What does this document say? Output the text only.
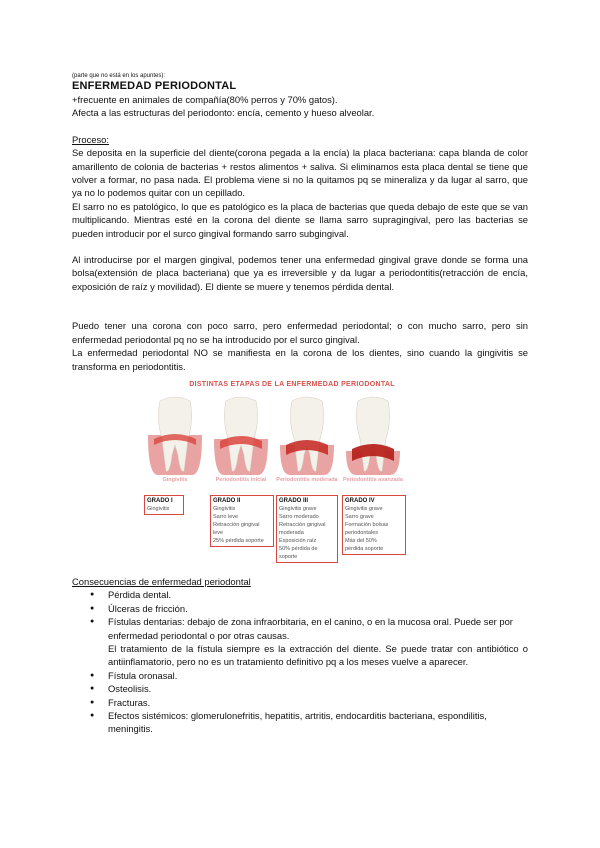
(parte que no está en los apuntes):

ENFERMEDAD PERIODONTAL

+frecuente en animales de compañía(80% perros y 70% gatos).

Afecta a las estructuras del periodonto: encía, cemento y hueso alveolar.

Proceso:

Se deposita en la superficie del diente(corona pegada a la encía) la placa bacteriana: capa blanda de color amarillento de colonia de bacterias + restos alimentos + saliva. Si eliminamos esta placa dental se tiene que volver a formar, no pasa nada. El problema viene si no la quitamos pq se mineraliza y da lugar al sarro, que ya no lo podemos quitar con un cepillado.

El sarro no es patológico, lo que es patológico es la placa de bacterias que queda debajo de este que se van multiplicando. Mientras esté en la corona del diente se llama sarro supragingival, pero las bacterias se pueden introducir por el surco gingival formando sarro subgingival.

Al introducirse por el margen gingival, podemos tener una enfermedad gingival grave donde se forma una bolsa(extensión de placa bacteriana) que ya es irreversible y da lugar a periodontitis(retracción de encía, exposición de raíz y movilidad). El diente se muere y tenemos pérdida dental.

Puedo tener una corona con poco sarro, pero enfermedad periodontal; o con mucho sarro, pero sin enfermedad periodontal pq no se ha introducido por el surco gingival.

La enfermedad periodontal NO se manifiesta en la corona de los dientes, sino cuando la gingivitis se transforma en periodontitis.

DISTINTAS ETAPAS DE LA ENFERMEDAD PERIODONTAL
Gingivitis	Periodontitis inicial	Periodontitis moderada Periodontitis avanzada
GRADO I
Gingivitis
GRADO II
Gingivitis
Sarro leve
Retracción gingival leve
25% pérdida soporte
GRADO III
Gingivitis grave
Sarro moderado
Retracción gingival moderada
Exposición raíz
50% pérdida de soporte
GRADO IV
Gingivitis grave
Sarro grave
Formación bolsas periodontales
Más del 50%
pérdida soporte

Consecuencias de enfermedad periodontal

● Pérdida dental.
● Úlceras de fricción.
● Fístulas dentarias: debajo de zona infraorbitaria, en el canino, o en la mucosa oral. Puede ser por enfermedad periodontal o por otras causas.

El tratamiento de la fístula siempre es la extracción del diente. Se puede tratar con antibiótico o antiinflamatorio, pero no es un tratamiento definitivo pq a los meses vuelve a aparecer.

● Fístula oronasal.
● Osteolisis.
● Fracturas.
● Efectos sistémicos: glomerulonefritis, hepatitis, artritis, endocarditis bacteriana, espondilitis, meningitis.
